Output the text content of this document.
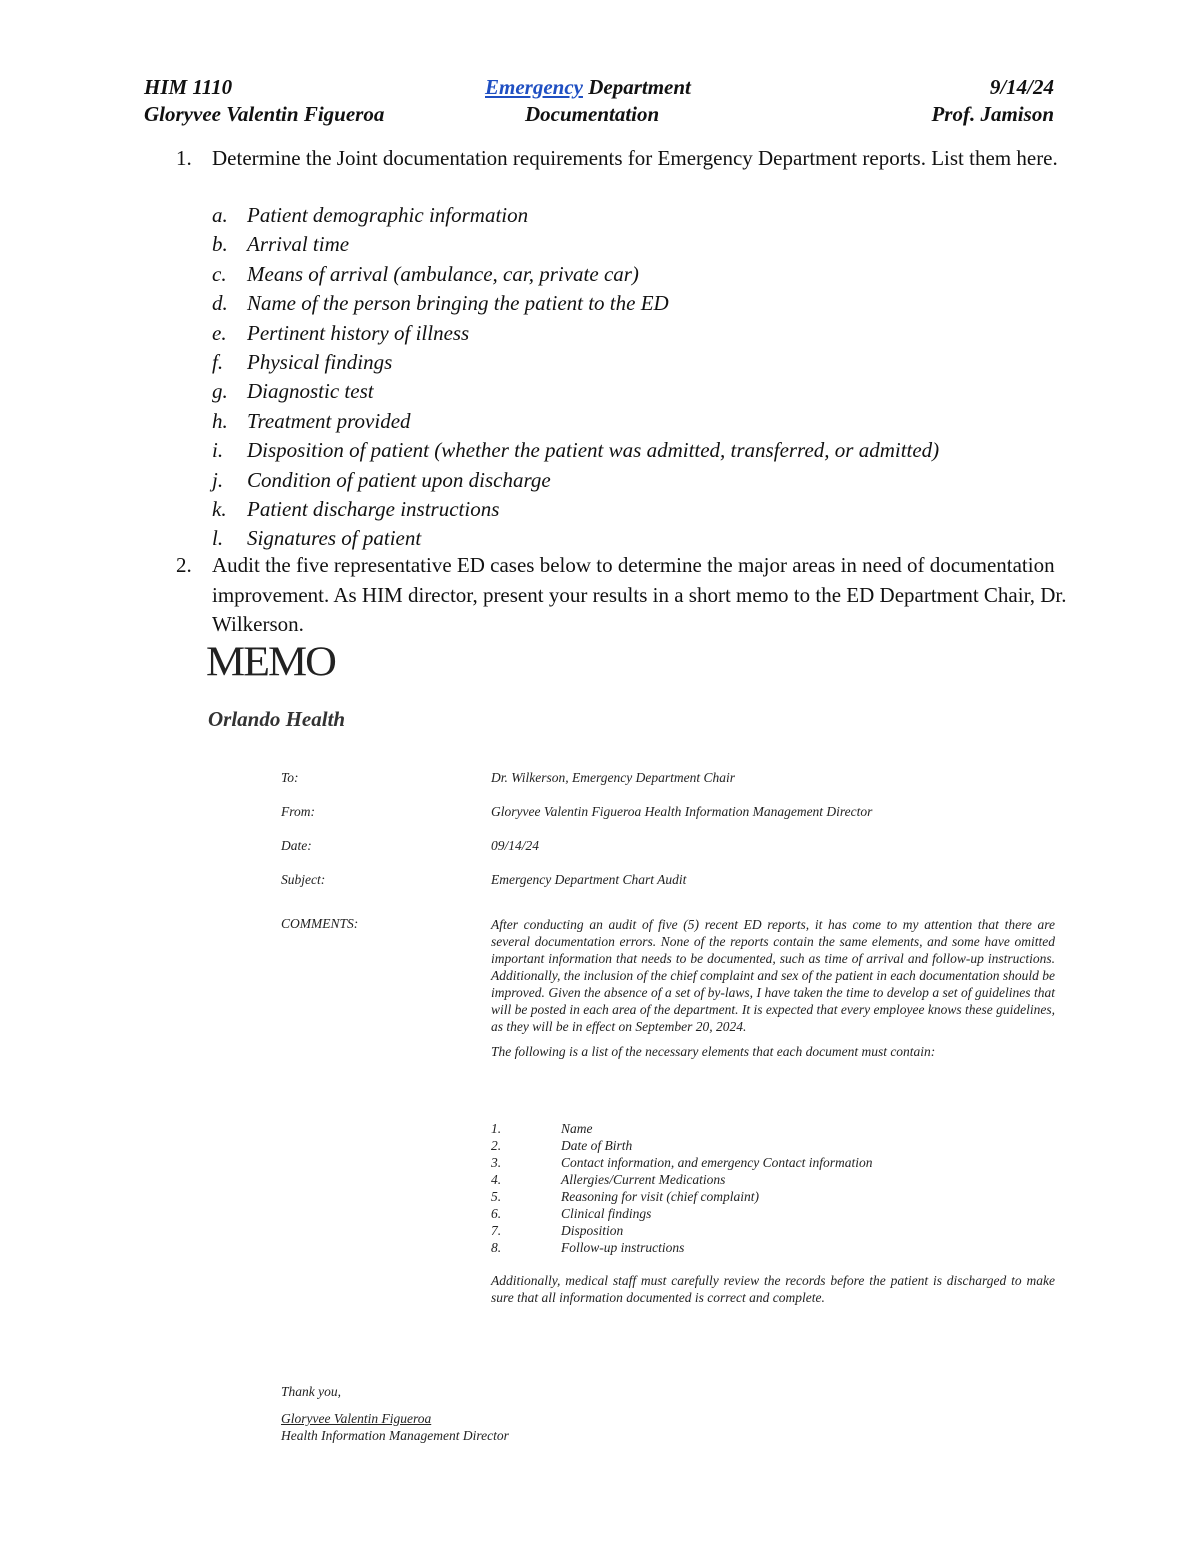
HIM 1110
Gloryvee Valentin Figueroa
Emergency Department
Documentation
9/14/24
Prof. Jamison
1. Determine the Joint documentation requirements for Emergency Department reports. List them here.
a. Patient demographic information
b. Arrival time
c. Means of arrival (ambulance, car, private car)
d. Name of the person bringing the patient to the ED
e. Pertinent history of illness
f. Physical findings
g. Diagnostic test
h. Treatment provided
i. Disposition of patient (whether the patient was admitted, transferred, or admitted)
j. Condition of patient upon discharge
k. Patient discharge instructions
l. Signatures of patient
2. Audit the five representative ED cases below to determine the major areas in need of documentation improvement. As HIM director, present your results in a short memo to the ED Department Chair, Dr. Wilkerson.
MEMO
Orlando Health
To:	Dr. Wilkerson, Emergency Department Chair
From:	Gloryvee Valentin Figueroa Health Information Management Director
Date:	09/14/24
Subject:	Emergency Department Chart Audit
COMMENTS:	After conducting an audit of five (5) recent ED reports, it has come to my attention that there are several documentation errors. None of the reports contain the same elements, and some have omitted important information that needs to be documented, such as time of arrival and follow-up instructions. Additionally, the inclusion of the chief complaint and sex of the patient in each documentation should be improved. Given the absence of a set of by-laws, I have taken the time to develop a set of guidelines that will be posted in each area of the department. It is expected that every employee knows these guidelines, as they will be in effect on September 20, 2024.

The following is a list of the necessary elements that each document must contain:

1.	Name
2.	Date of Birth
3.	Contact information, and emergency Contact information
4.	Allergies/Current Medications
5.	Reasoning for visit (chief complaint)
6.	Clinical findings
7.	Disposition
8.	Follow-up instructions
Additionally, medical staff must carefully review the records before the patient is discharged to make sure that all information documented is correct and complete.
Thank you,
Gloryvee Valentin Figueroa
Health Information Management Director
